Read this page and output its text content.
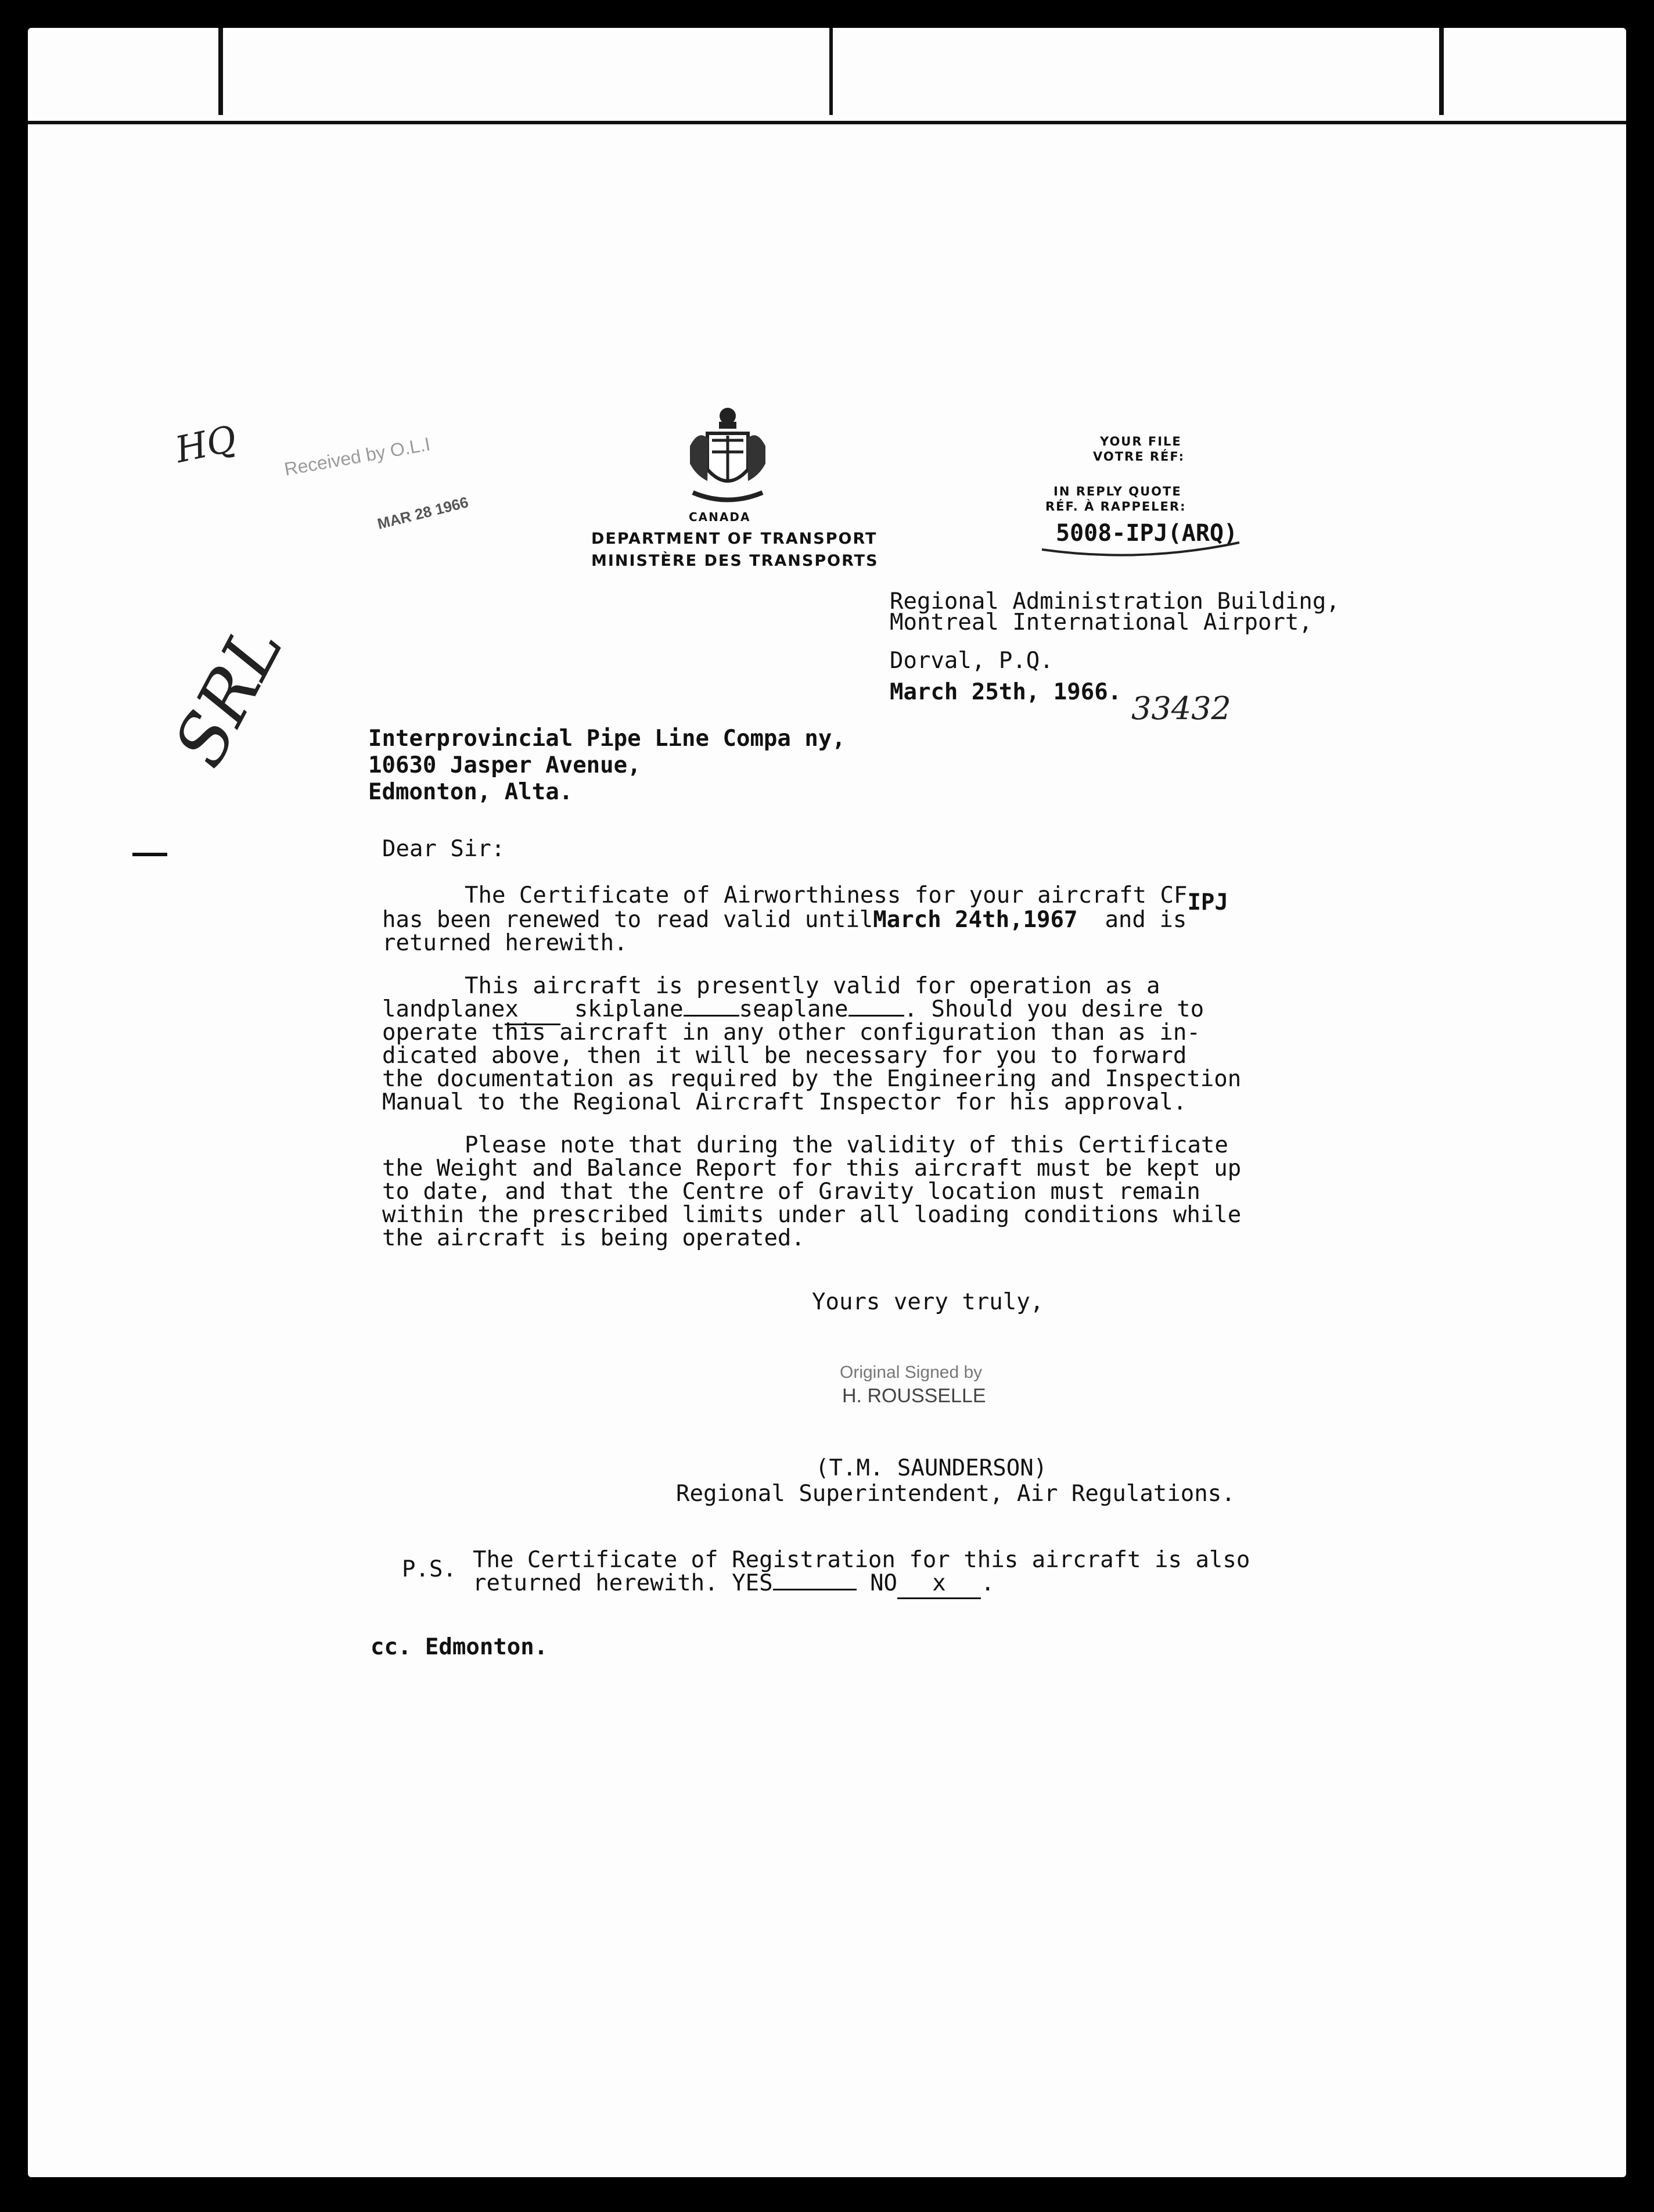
HQ Received by O.L.I
MAR 28 1966
SRL
CANADA
DEPARTMENT OF TRANSPORT
MINISTÈRE DES TRANSPORTS
YOUR FILE
VOTRE RÉF:
IN REPLY QUOTE
RÉF. À RAPPELER:
5008-IPJ(ARQ)
Regional Administration Building,
Montreal International Airport,
Dorval, P.Q.
March 25th, 1966. 33432
Interprovincial Pipe Line Compa ny,
10630 Jasper Avenue,
Edmonton, Alta.
Dear Sir:
The Certificate of Airworthiness for your aircraft CFIPJ
has been renewed to read valid untilMarch 24th,1967 and is
returned herewith.
This aircraft is presently valid for operation as a
landplanex skiplane seaplane . Should you desire to
operate this aircraft in any other configuration than as in-
dicated above, then it will be necessary for you to forward
the documentation as required by the Engineering and Inspection
Manual to the Regional Aircraft Inspector for his approval.
Please note that during the validity of this Certificate
the Weight and Balance Report for this aircraft must be kept up
to date, and that the Centre of Gravity location must remain
within the prescribed limits under all loading conditions while
the aircraft is being operated.
Yours very truly,
Original Signed by
H. ROUSSELLE
(T.M. SAUNDERSON)
Regional Superintendent, Air Regulations.
P.S. The Certificate of Registration for this aircraft is also
returned herewith. YES	NO x .
cc. Edmonton.
